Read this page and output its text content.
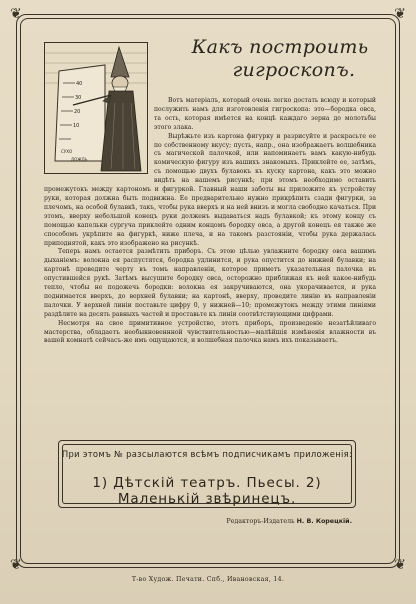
❦	❦
❦	❦
40
30
20
10
СУХО
ДОЖДЬ
Какъ построить
гигроскопъ.

Вотъ матеріалъ, который очень легко достать всюду и который послужить намъ для изготовленія гигроскопа: это—бородка овса, та ость, которая имѣется на концѣ каждаго зерна до молотьбы этого злака.

Вырѣжьте изъ картона фигурку и разрисуйте и раскрасьте ее по собственному вкусу; пусть, напр., она изображаетъ волшебника съ магической палочкой, или напоминаетъ вамъ какую-нибудь комическую фигуру изъ вашихъ знакомыхъ. Приклейте ее, затѣмъ, съ помощью двухъ булавокъ къ куску картона, какъ это можно видѣть на нашемъ рисункѣ; при этомъ необходимо оставить промежутокъ между картономъ и фигуркой. Главный наши заботы вы приложите къ устройству руки, которая должна быть подвижна. Ее предварительно нужно прикрѣпить сзади фигурки, за плечомъ, на особой булавкѣ, такъ, чтобы рука вверхъ и на ней внизъ и могла свободно качаться. При этомъ, вверху небольшой конецъ руки долженъ выдаваться надъ булавкой; къ этому концу съ помощью капельки сургуча приклейте одним концомъ бородку овса, а другой конецъ ея также же способомъ укрѣпите на фигуркѣ, ниже плеча, и на такомъ разстояніи, чтобы рука держалась приподнятой, какъ это изображено на рисункѣ.

Теперь намъ остается размѣтить приборъ. Съ этою цѣлью увлажните бородку овса вашимъ дыханіемъ: волокна ея распустятся, бородка удлинится, и рука опустится до нижней булавки; на картонѣ проведите черту въ томъ направленіи, которое приметъ указательная палочка въ опустившейся рукѣ. Затѣмъ высушите бородку овса, осторожно приближая къ ней какое-нибудь тепло, чтобы не подожечь бородки: волокна ея закручиваются, она укорачивается, и рука поднимается вверхъ, до верхней булавки; на картонѣ, вверху, проведите линію въ направленіи палочки. У верхней линіи поставьте цифру 0, у нижней—10; промежутокъ между этими линіями раздѣлите на десять равныхъ частей и проставьте къ линіи соотвѣтствующими цифрами.

Несмотря на свое примитивное устройство, этотъ приборъ, произведеніе незатѣйливаго мастерства, обладаетъ необыкновеннной чувствительностью—малѣйшія измѣненія влажности въ вашей комнатѣ сейчасъ-же имъ ощущаются, и волшебная палочка намъ ихъ показываетъ.

При этомъ № разсылаются всѣмъ подписчикамъ приложенія:
1) Дѣтскій театръ. Пьесы. 2) Маленькій звѣринецъ.
Редакторъ-Издатель Н. В. Корецкій.
Т-во Худож. Печати. Спб., Ивановская, 14.
